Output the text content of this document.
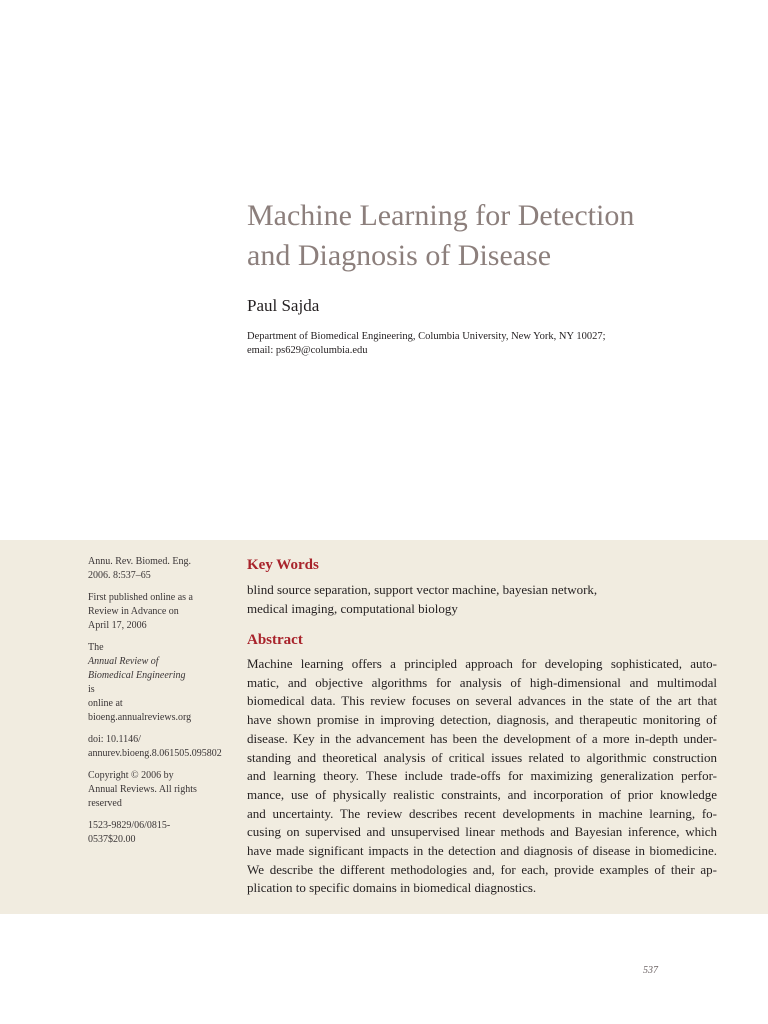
Machine Learning for Detection
and Diagnosis of Disease
Paul Sajda
Department of Biomedical Engineering, Columbia University, New York, NY 10027;
email: ps629@columbia.edu
Annu. Rev. Biomed. Eng.
2006. 8:537–65
First published online as a
Review in Advance on
April 17, 2006
The
Annual Review of
Biomedical Engineering
is
online at
bioeng.annualreviews.org
doi: 10.1146/
annurev.bioeng.8.061505.095802
Copyright © 2006 by
Annual Reviews. All rights
reserved
1523-9829/06/0815-
0537$20.00
Key Words
blind source separation, support vector machine, bayesian network,
medical imaging, computational biology
Abstract
Machine learning offers a principled approach for developing sophisticated, auto-
matic, and objective algorithms for analysis of high-dimensional and multimodal
biomedical data. This review focuses on several advances in the state of the art that
have shown promise in improving detection, diagnosis, and therapeutic monitoring of
disease. Key in the advancement has been the development of a more in-depth under-
standing and theoretical analysis of critical issues related to algorithmic construction
and learning theory. These include trade-offs for maximizing generalization perfor-
mance, use of physically realistic constraints, and incorporation of prior knowledge
and uncertainty. The review describes recent developments in machine learning, fo-
cusing on supervised and unsupervised linear methods and Bayesian inference, which
have made significant impacts in the detection and diagnosis of disease in biomedicine.
We describe the different methodologies and, for each, provide examples of their ap-
plication to specific domains in biomedical diagnostics.
537
